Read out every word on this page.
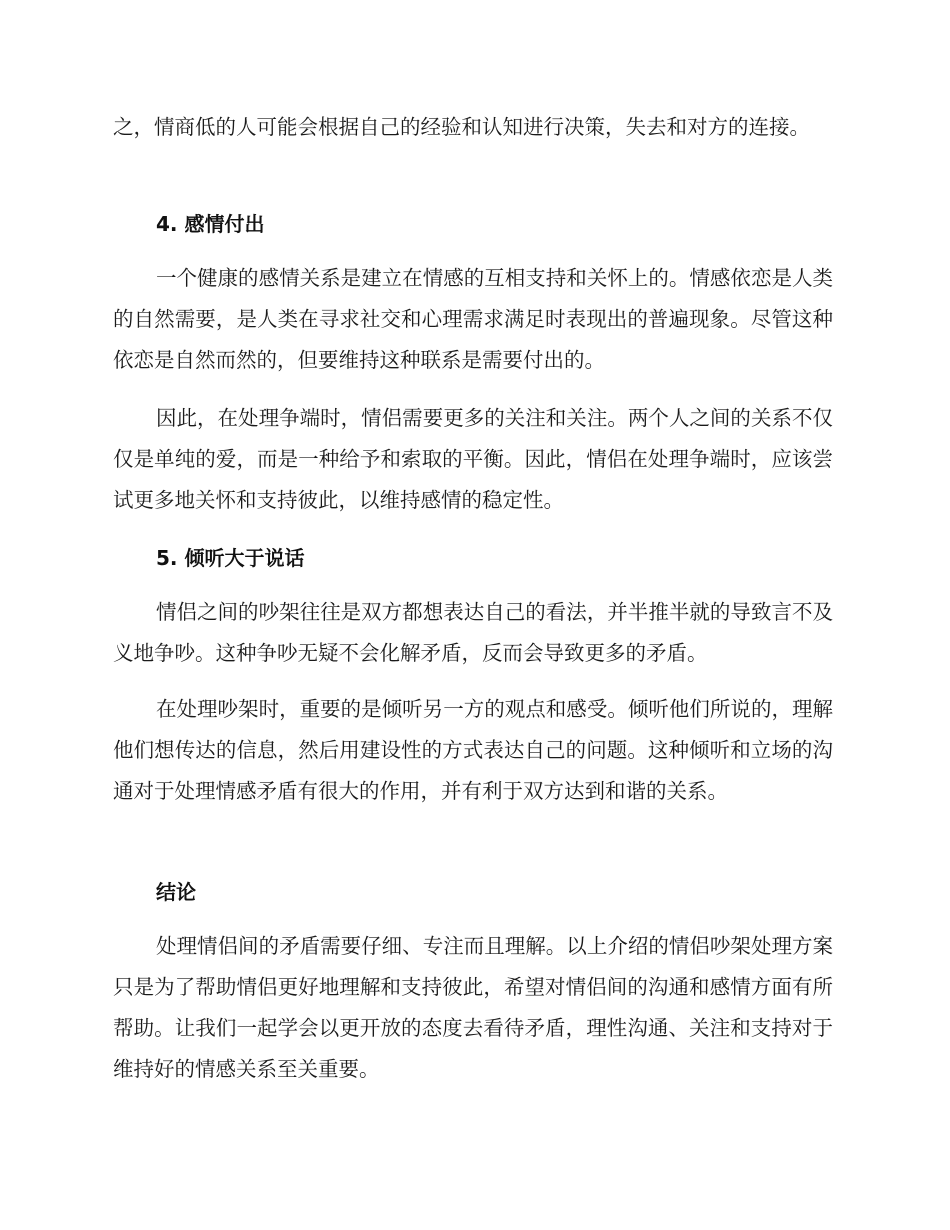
之，情商低的人可能会根据自己的经验和认知进行决策，失去和对方的连接。

4. 感情付出

一个健康的感情关系是建立在情感的互相支持和关怀上的。情感依恋是人类的自然需要，是人类在寻求社交和心理需求满足时表现出的普遍现象。尽管这种依恋是自然而然的，但要维持这种联系是需要付出的。

因此，在处理争端时，情侣需要更多的关注和关注。两个人之间的关系不仅仅是单纯的爱，而是一种给予和索取的平衡。因此，情侣在处理争端时，应该尝试更多地关怀和支持彼此，以维持感情的稳定性。

5. 倾听大于说话

情侣之间的吵架往往是双方都想表达自己的看法，并半推半就的导致言不及义地争吵。这种争吵无疑不会化解矛盾，反而会导致更多的矛盾。

在处理吵架时，重要的是倾听另一方的观点和感受。倾听他们所说的，理解他们想传达的信息，然后用建设性的方式表达自己的问题。这种倾听和立场的沟通对于处理情感矛盾有很大的作用，并有利于双方达到和谐的关系。

结论

处理情侣间的矛盾需要仔细、专注而且理解。以上介绍的情侣吵架处理方案只是为了帮助情侣更好地理解和支持彼此，希望对情侣间的沟通和感情方面有所帮助。让我们一起学会以更开放的态度去看待矛盾，理性沟通、关注和支持对于维持好的情感关系至关重要。
